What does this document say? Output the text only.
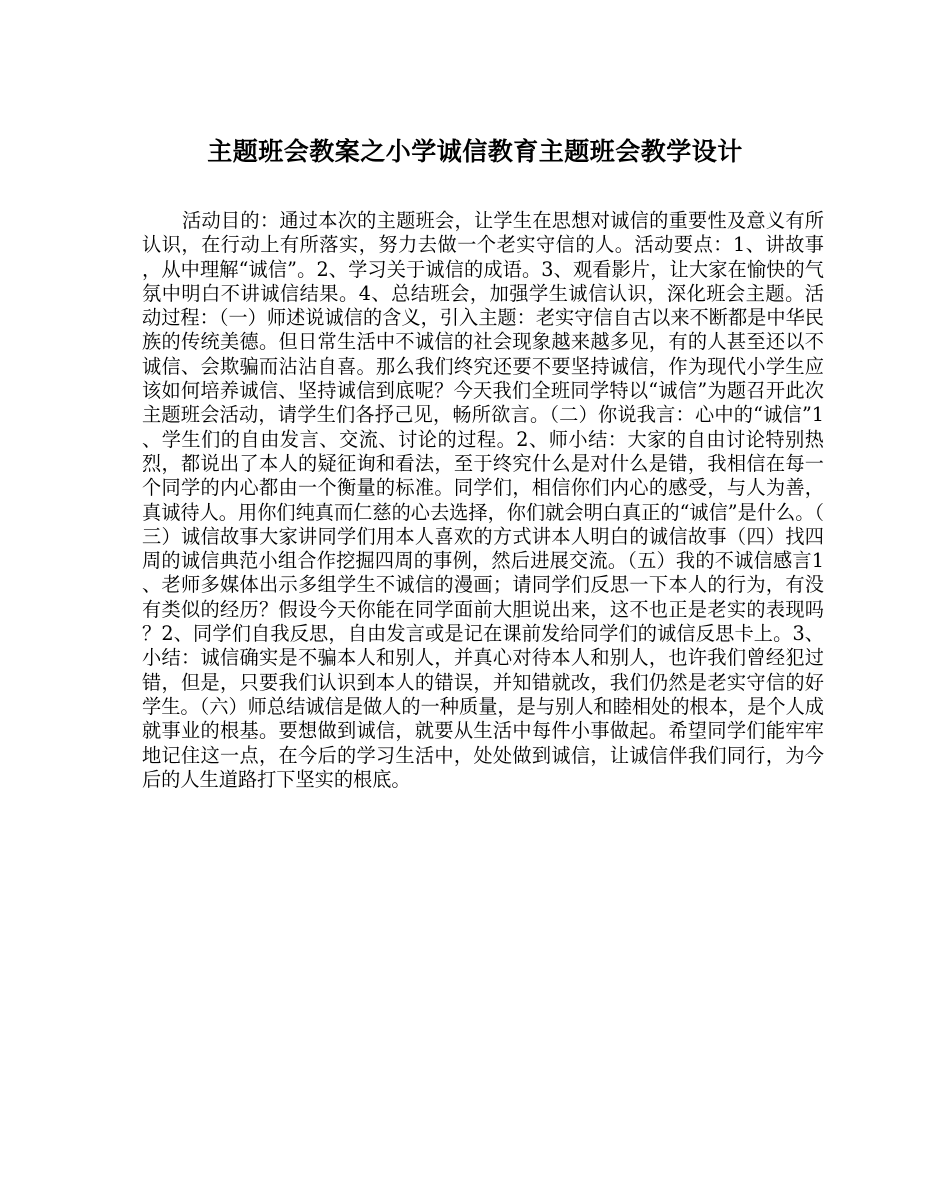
主题班会教案之小学诚信教育主题班会教学设计

活动目的：通过本次的主题班会，让学生在思想对诚信的重要性及意义有所认识，在行动上有所落实，努力去做一个老实守信的人。活动要点：1、讲故事，从中理解“诚信”。2、学习关于诚信的成语。3、观看影片，让大家在愉快的气氛中明白不讲诚信结果。4、总结班会，加强学生诚信认识，深化班会主题。活动过程：（一）师述说诚信的含义，引入主题：老实守信自古以来不断都是中华民族的传统美德。但日常生活中不诚信的社会现象越来越多见，有的人甚至还以不诚信、会欺骗而沾沾自喜。那么我们终究还要不要坚持诚信，作为现代小学生应该如何培养诚信、坚持诚信到底呢？今天我们全班同学特以“诚信”为题召开此次主题班会活动，请学生们各抒己见，畅所欲言。（二）你说我言：心中的“诚信”1、学生们的自由发言、交流、讨论的过程。2、师小结：大家的自由讨论特别热烈，都说出了本人的疑征询和看法，至于终究什么是对什么是错，我相信在每一个同学的内心都由一个衡量的标准。同学们，相信你们内心的感受，与人为善，真诚待人。用你们纯真而仁慈的心去选择，你们就会明白真正的“诚信”是什么。（三）诚信故事大家讲同学们用本人喜欢的方式讲本人明白的诚信故事（四）找四周的诚信典范小组合作挖掘四周的事例，然后进展交流。（五）我的不诚信感言1、老师多媒体出示多组学生不诚信的漫画；请同学们反思一下本人的行为，有没有类似的经历？假设今天你能在同学面前大胆说出来，这不也正是老实的表现吗？2、同学们自我反思，自由发言或是记在课前发给同学们的诚信反思卡上。3、小结：诚信确实是不骗本人和别人，并真心对待本人和别人，也许我们曾经犯过错，但是，只要我们认识到本人的错误，并知错就改，我们仍然是老实守信的好学生。（六）师总结诚信是做人的一种质量，是与别人和睦相处的根本，是个人成就事业的根基。要想做到诚信，就要从生活中每件小事做起。希望同学们能牢牢地记住这一点，在今后的学习生活中，处处做到诚信，让诚信伴我们同行，为今后的人生道路打下坚实的根底。
